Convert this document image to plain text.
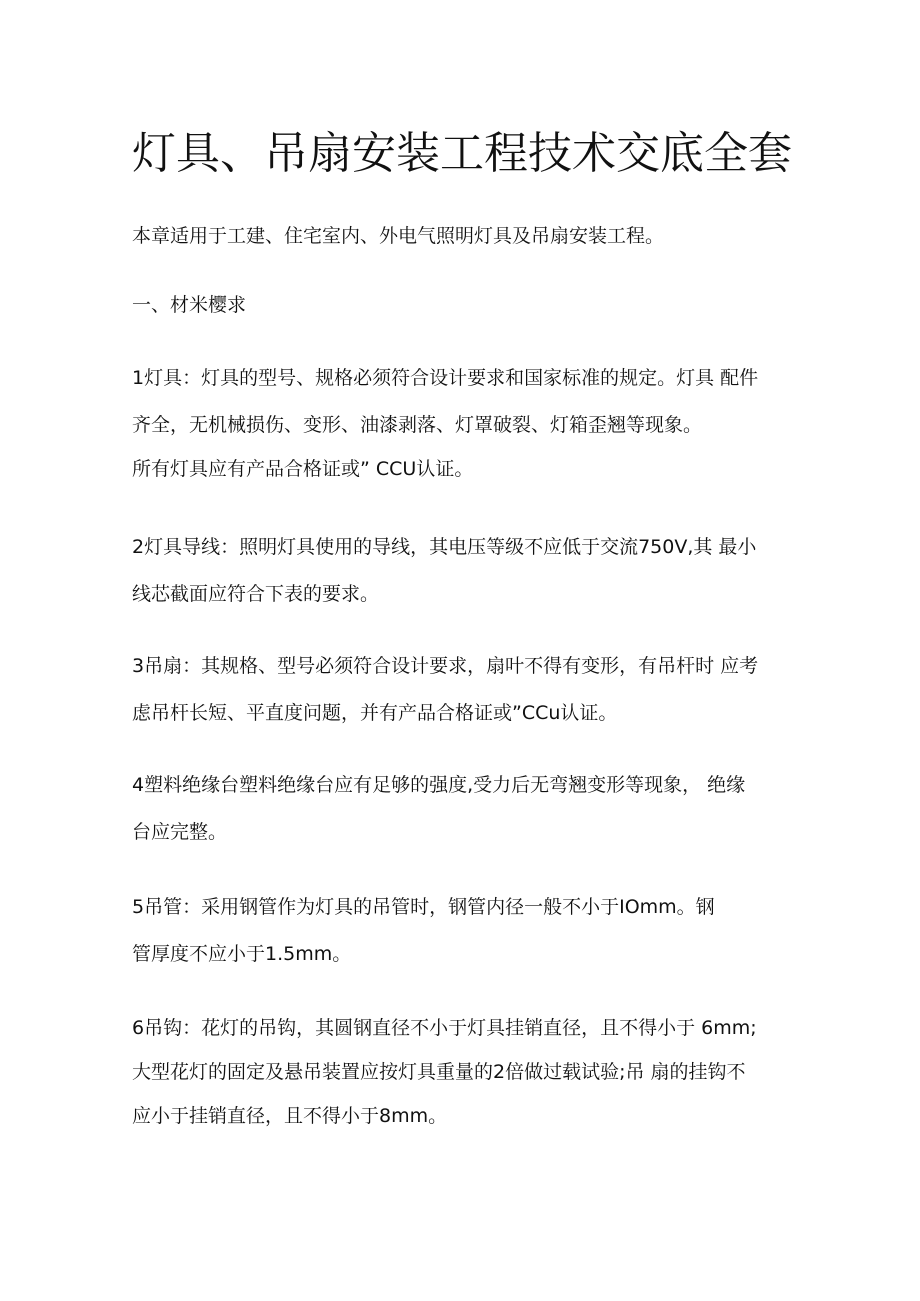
灯具、吊扇安装工程技术交底全套

本章适用于工建、住宅室内、外电气照明灯具及吊扇安装工程。

一、材米樱求

1灯具：灯具的型号、规格必须符合设计要求和国家标准的规定。灯具 配件
齐全，无机械损伤、变形、油漆剥落、灯罩破裂、灯箱歪翘等现象。
所有灯具应有产品合格证或” CCU认证。
2灯具导线：照明灯具使用的导线，其电压等级不应低于交流750V,其 最小
线芯截面应符合下表的要求。
3吊扇：其规格、型号必须符合设计要求，扇叶不得有变形，有吊杆时 应考
虑吊杆长短、平直度问题，并有产品合格证或”CCu认证。
4塑料绝缘台塑料绝缘台应有足够的强度,受力后无弯翘变形等现象， 绝缘
台应完整。
5吊管：采用钢管作为灯具的吊管时，钢管内径一般不小于IOmm。钢
管厚度不应小于1.5mm。
6吊钩：花灯的吊钩，其圆钢直径不小于灯具挂销直径，且不得小于 6mm;
大型花灯的固定及悬吊装置应按灯具重量的2倍做过载试验;吊 扇的挂钩不
应小于挂销直径，且不得小于8mm。
